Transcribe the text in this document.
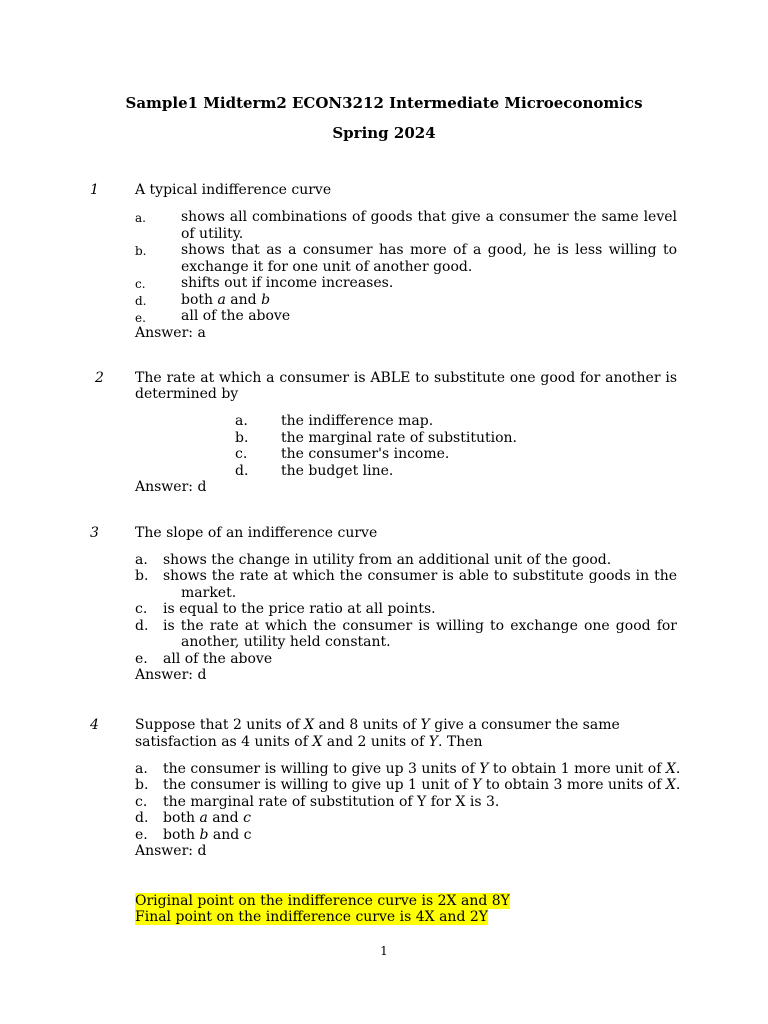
Sample1 Midterm2 ECON3212 Intermediate Microeconomics
Spring 2024
1	A typical indifference curve
a.	shows all combinations of goods that give a consumer the same level
of utility.
b. shows that as a consumer has more of a good, he is less willing to
exchange it for one unit of another good.
c.	shifts out if income increases.
d. both a and b
e.	all of the above
Answer: a
2 The rate at which a consumer is ABLE to substitute one good for another is
determined by
a. the indifference map.
b. the marginal rate of substitution.
c. the consumer's income.
d. the budget line.
Answer: d
3	The slope of an indifference curve
a. shows the change in utility from an additional unit of the good.
b. shows the rate at which the consumer is able to substitute goods in the
market.
c. is equal to the price ratio at all points.
d. is the rate at which the consumer is willing to exchange one good for
another, utility held constant.
e. all of the above
Answer: d
4	Suppose that 2 units of X and 8 units of Y give a consumer the same
satisfaction as 4 units of X and 2 units of Y. Then
a. the consumer is willing to give up 3 units of Y to obtain 1 more unit of X.
b. the consumer is willing to give up 1 unit of Y to obtain 3 more units of X.
c. the marginal rate of substitution of Y for X is 3.
d. both a and c
e. both b and c
Answer: d
Original point on the indifference curve is 2X and 8Y
Final point on the indifference curve is 4X and 2Y
1
